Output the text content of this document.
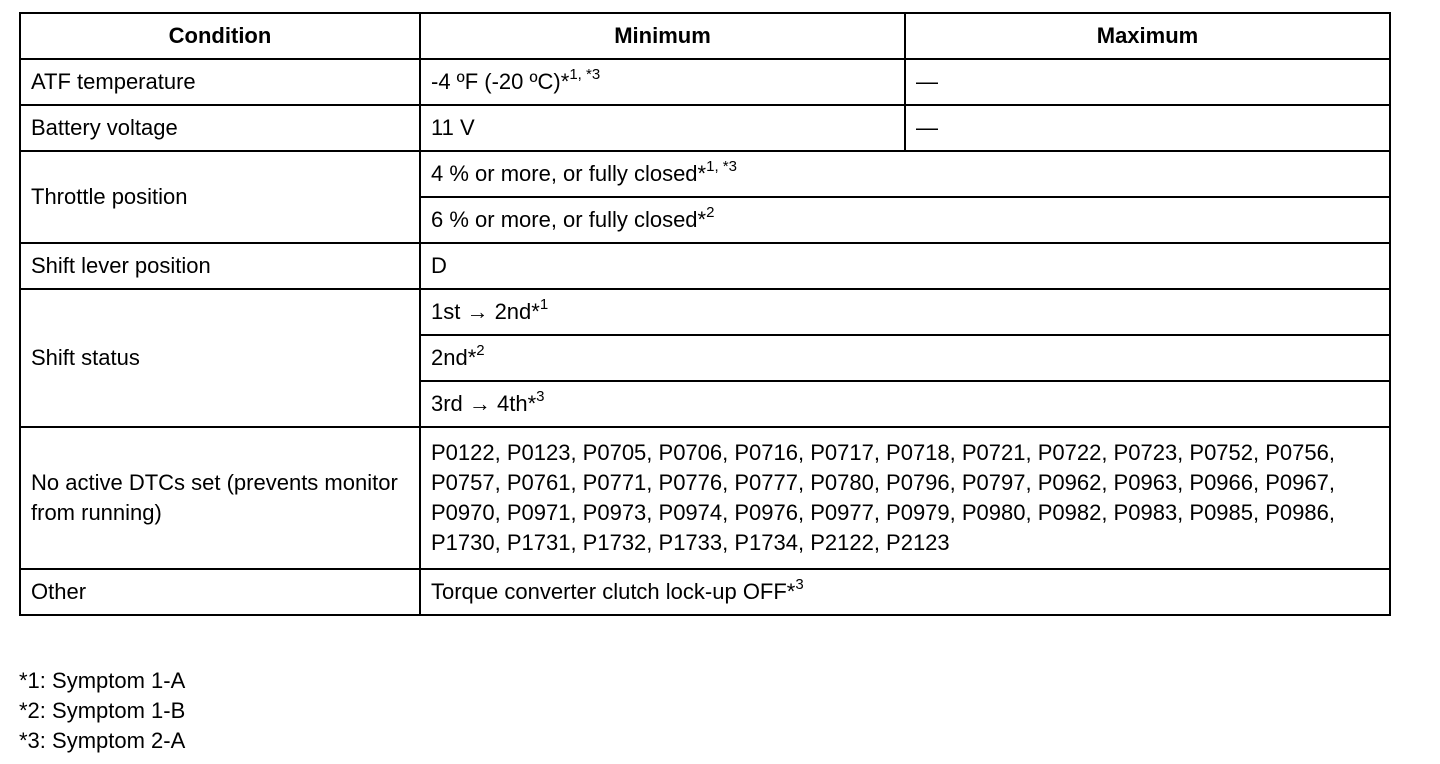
Condition	Minimum	Maximum
ATF temperature	-4 ºF (-20 ºC)*$^{1, *3}$	—
Battery voltage	11 V	—
Throttle position	4 % or more, or fully closed*$^{1, *3}$
	6 % or more, or fully closed*$^2$
Shift lever position	D	
Shift status	1st → 2nd*$^1$
	2nd*$^2$
	3rd → 4th*$^3$
No active DTCs set (prevents monitor from running)	P0122, P0123, P0705, P0706, P0716, P0717, P0718, P0721, P0722, P0723, P0752, P0756, P0757, P0761, P0771, P0776, P0777, P0780, P0796, P0797, P0962, P0963, P0966, P0967, P0970, P0971, P0973, P0974, P0976, P0977, P0979, P0980, P0982, P0983, P0985, P0986, P1730, P1731, P1732, P1733, P1734, P2122, P2123	
Other	Torque converter clutch lock-up OFF*$^3$
*1: Symptom 1-A
*2: Symptom 1-B
*3: Symptom 2-A
